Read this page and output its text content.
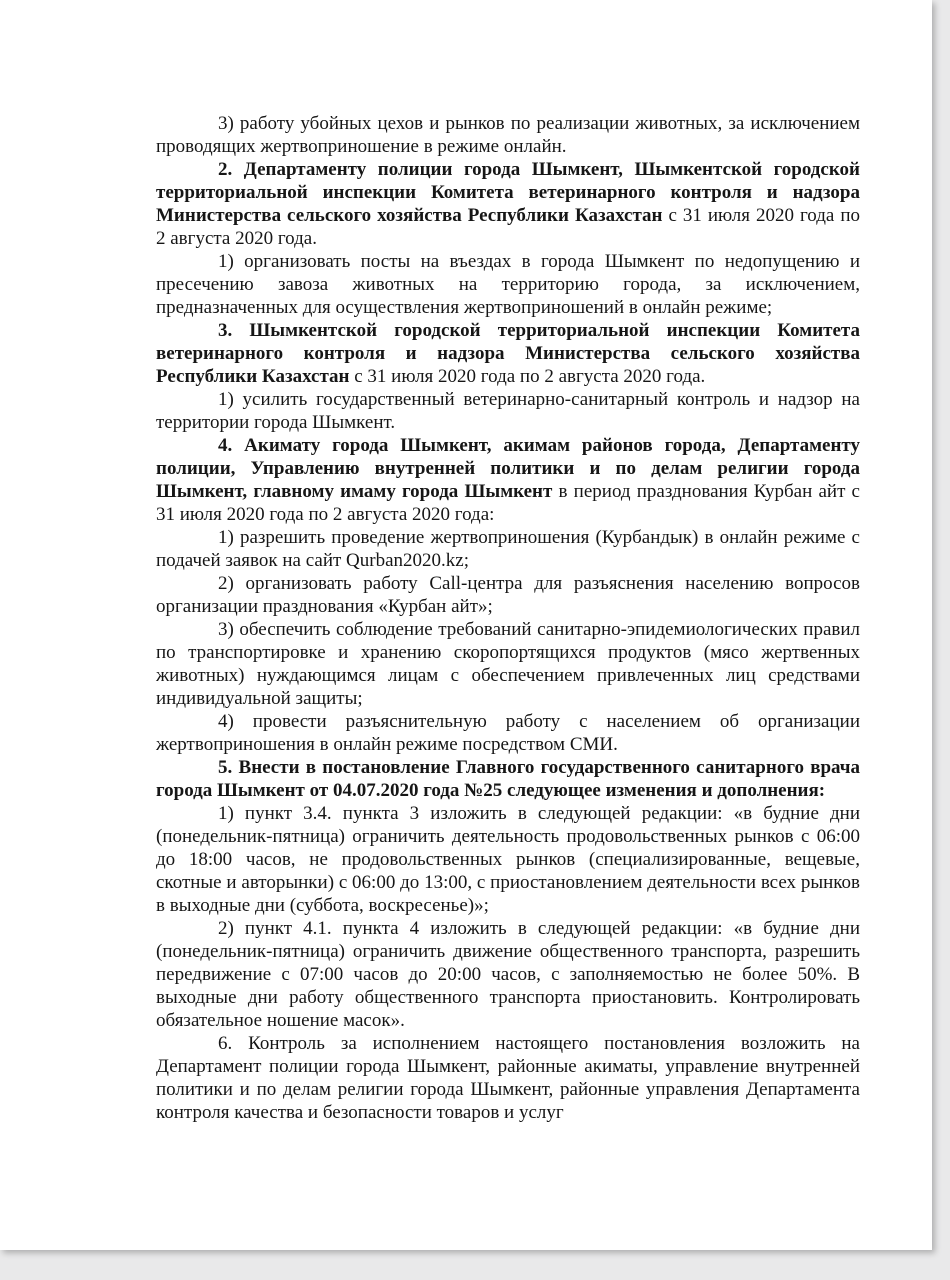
3) работу убойных цехов и рынков по реализации животных, за исключением проводящих жертвоприношение в режиме онлайн.

2. Департаменту полиции города Шымкент, Шымкентской городской территориальной инспекции Комитета ветеринарного контроля и надзора Министерства сельского хозяйства Республики Казахстан с 31 июля 2020 года по 2 августа 2020 года.

1) организовать посты на въездах в города Шымкент по недопущению и пресечению завоза животных на территорию города, за исключением, предназначенных для осуществления жертвоприношений в онлайн режиме;

3. Шымкентской городской территориальной инспекции Комитета ветеринарного контроля и надзора Министерства сельского хозяйства Республики Казахстан с 31 июля 2020 года по 2 августа 2020 года.

1) усилить государственный ветеринарно-санитарный контроль и надзор на территории города Шымкент.

4. Акимату города Шымкент, акимам районов города, Департаменту полиции, Управлению внутренней политики и по делам религии города Шымкент, главному имаму города Шымкент в период празднования Курбан айт с 31 июля 2020 года по 2 августа 2020 года:

1) разрешить проведение жертвоприношения (Курбандык) в онлайн режиме с подачей заявок на сайт Qurban2020.kz;

2) организовать работу Call-центра для разъяснения населению вопросов организации празднования «Курбан айт»;

3) обеспечить соблюдение требований санитарно-эпидемиологических правил по транспортировке и хранению скоропортящихся продуктов (мясо жертвенных животных) нуждающимся лицам с обеспечением привлеченных лиц средствами индивидуальной защиты;

4) провести разъяснительную работу с населением об организации жертвоприношения в онлайн режиме посредством СМИ.

5. Внести в постановление Главного государственного санитарного врача города Шымкент от 04.07.2020 года №25 следующее изменения и дополнения:

1) пункт 3.4. пункта 3 изложить в следующей редакции: «в будние дни (понедельник-пятница) ограничить деятельность продовольственных рынков с 06:00 до 18:00 часов, не продовольственных рынков (специализированные, вещевые, скотные и авторынки) с 06:00 до 13:00, с приостановлением деятельности всех рынков в выходные дни (суббота, воскресенье)»;

2) пункт 4.1. пункта 4 изложить в следующей редакции: «в будние дни (понедельник-пятница) ограничить движение общественного транспорта, разрешить передвижение с 07:00 часов до 20:00 часов, с заполняемостью не более 50%. В выходные дни работу общественного транспорта приостановить. Контролировать обязательное ношение масок».

6. Контроль за исполнением настоящего постановления возложить на Департамент полиции города Шымкент, районные акиматы, управление внутренней политики и по делам религии города Шымкент, районные управления Департамента контроля качества и безопасности товаров и услуг
